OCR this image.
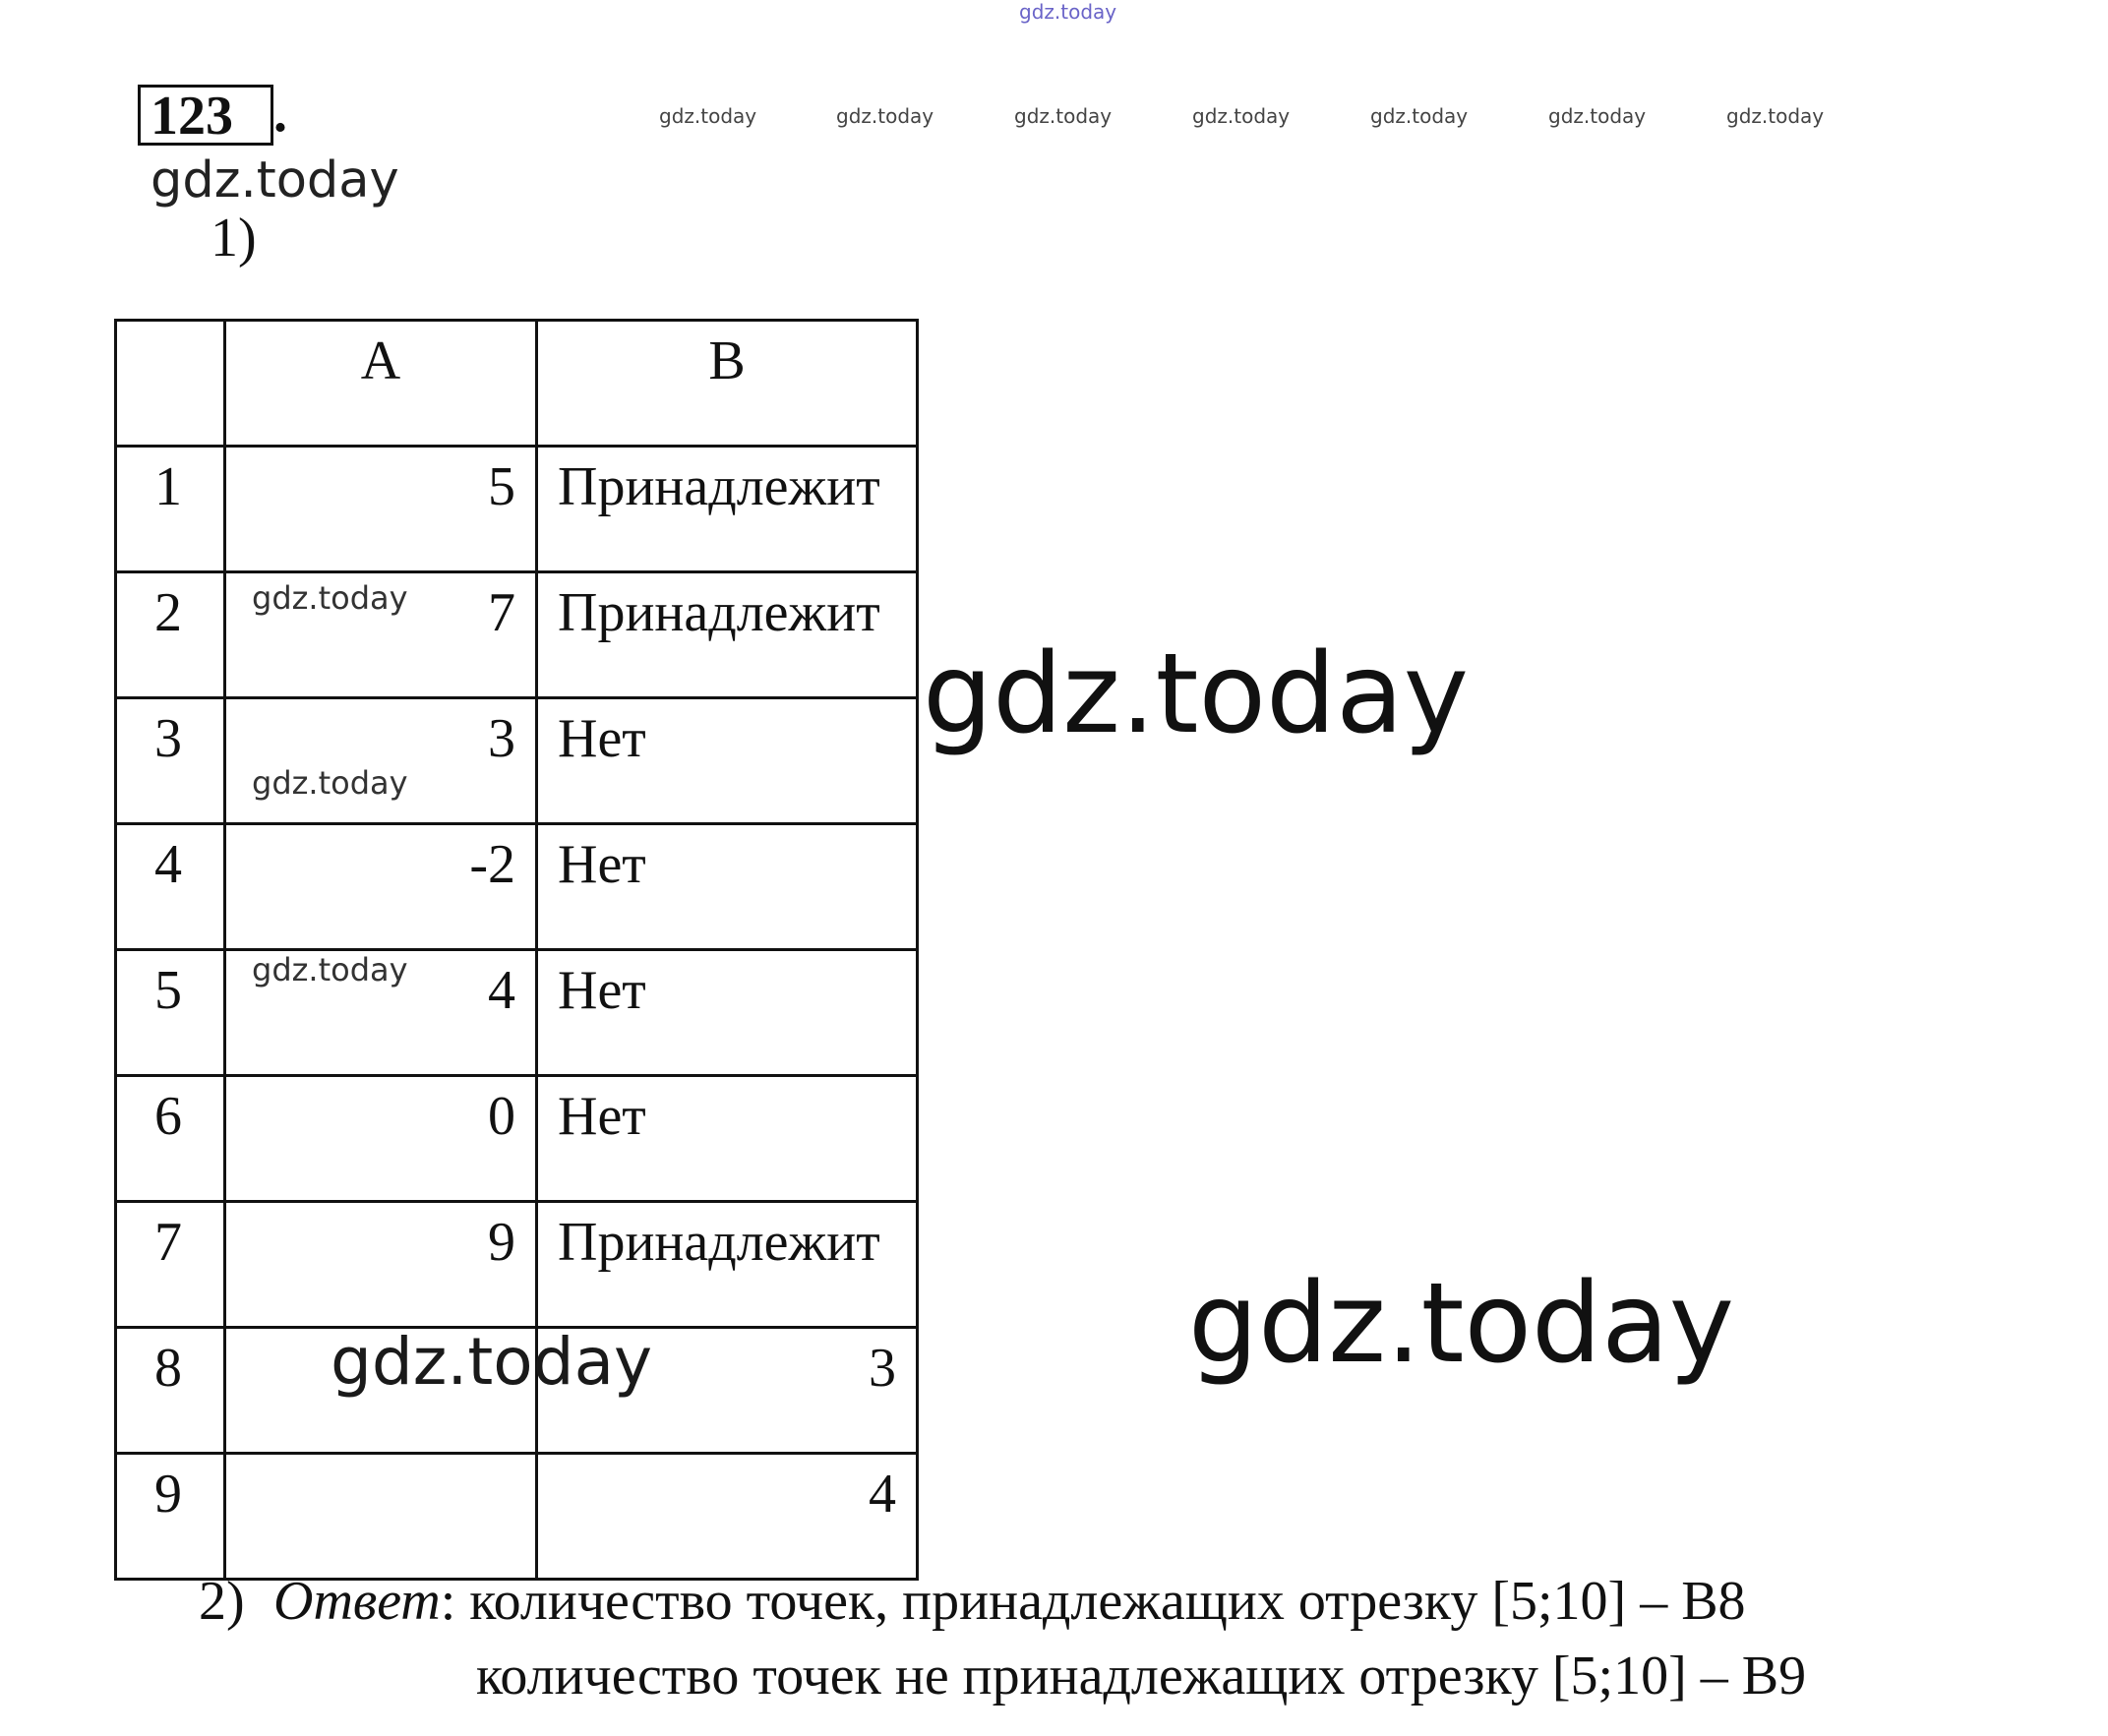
gdz.today
gdz.today	gdz.today	gdz.today	gdz.today	gdz.today	gdz.today	gdz.today
123 .
gdz.today
1)
	A	B
1	5	Принадлежит
2	7	Принадлежит
3	3	Нет
4	-2	Нет
5	4	Нет
6	0	Нет
7	9	Принадлежит
8		3
9		4
gdz.today
gdz.today
gdz.today
gdz.today
gdz.today
gdz.today
2) Ответ: количество точек, принадлежащих отрезку [5;10] – B8
количество точек не принадлежащих отрезку [5;10] – B9
